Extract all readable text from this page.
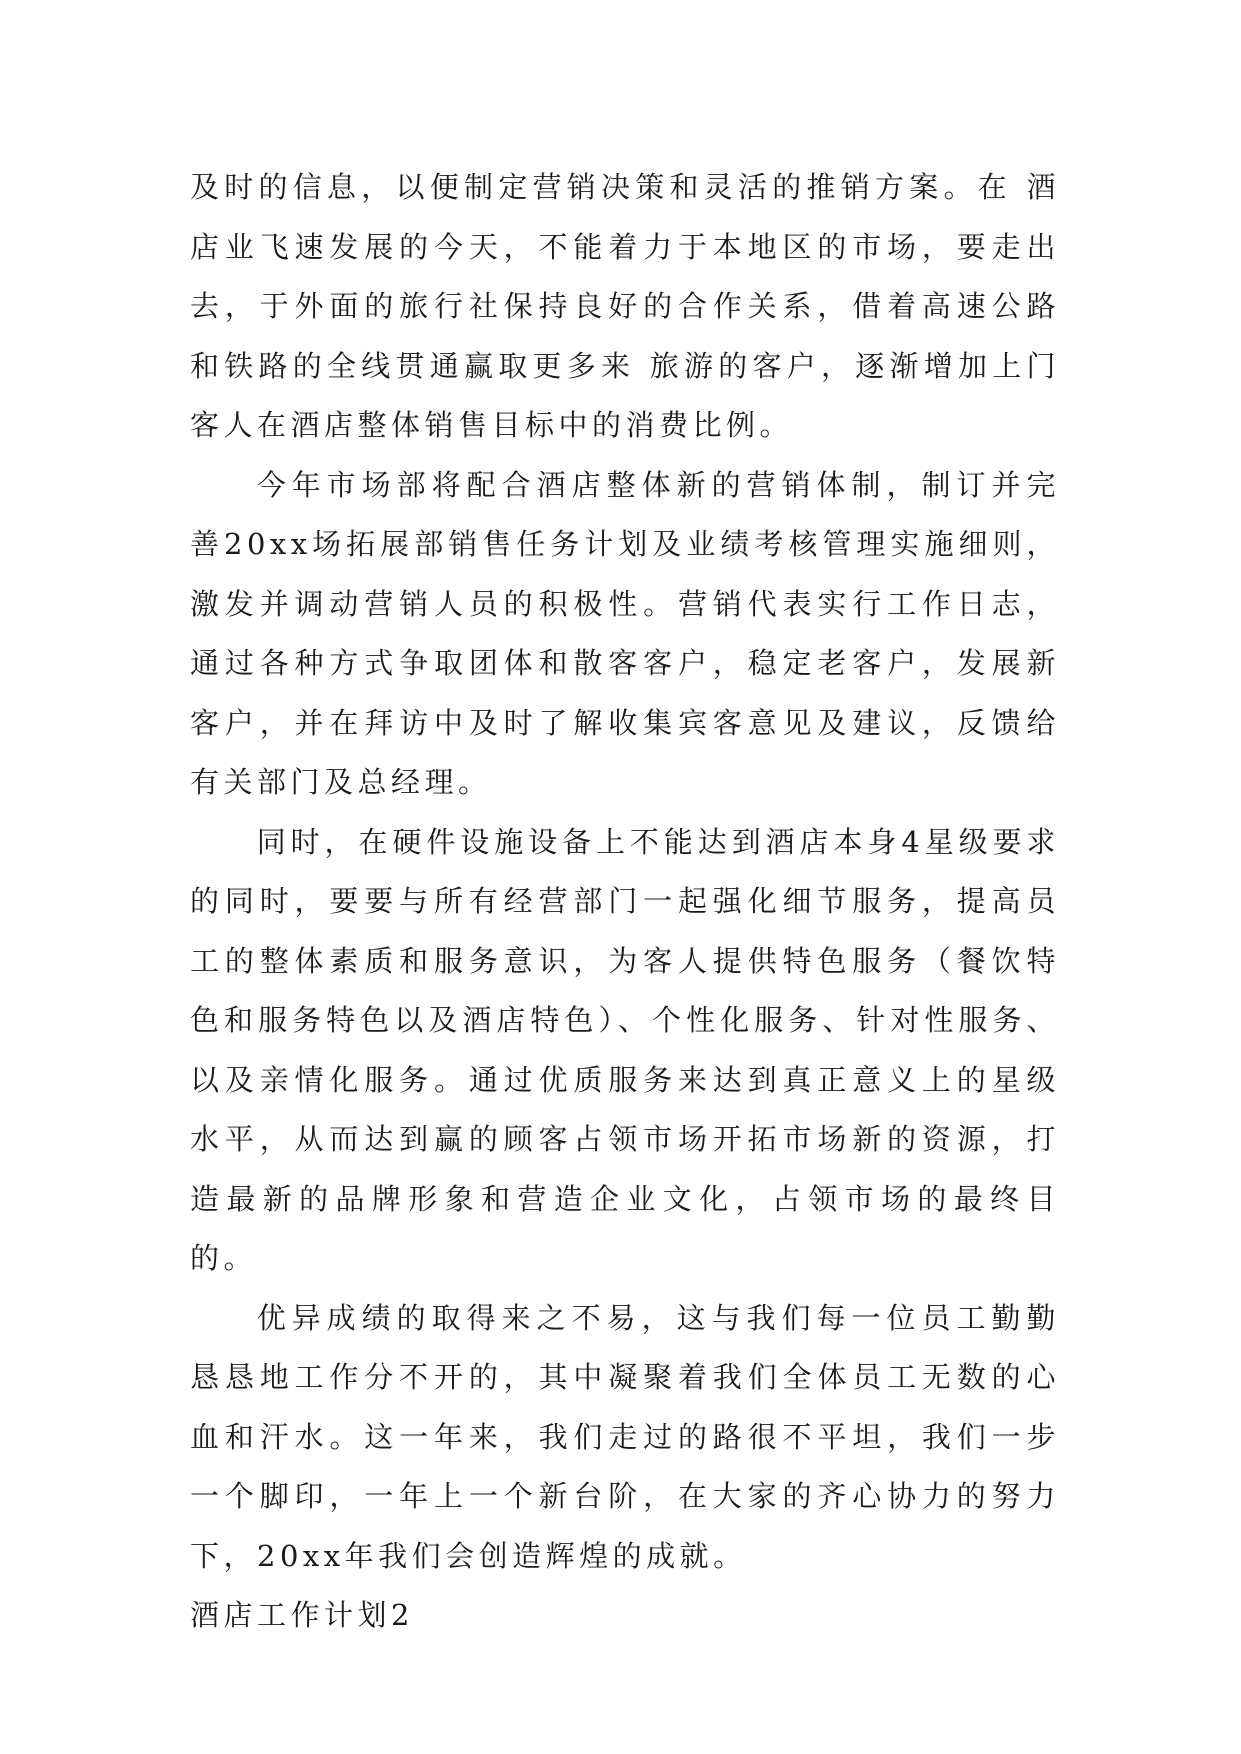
及时的信息，以便制定营销决策和灵活的推销方案。在 酒店业飞速发展的今天，不能着力于本地区的市场，要走出去，于外面的旅行社保持良好的合作关系，借着高速公路和铁路的全线贯通赢取更多来 旅游的客户，逐渐增加上门客人在酒店整体销售目标中的消费比例。

今年市场部将配合酒店整体新的营销体制，制订并完善20xx场拓展部销售任务计划及业绩考核管理实施细则，激发并调动营销人员的积极性。营销代表实行工作日志，通过各种方式争取团体和散客客户，稳定老客户，发展新客户，并在拜访中及时了解收集宾客意见及建议，反馈给有关部门及总经理。

同时，在硬件设施设备上不能达到酒店本身4星级要求的同时，要要与所有经营部门一起强化细节服务，提高员工的整体素质和服务意识，为客人提供特色服务（餐饮特色和服务特色以及酒店特色）、个性化服务、针对性服务、以及亲情化服务。通过优质服务来达到真正意义上的星级水平，从而达到赢的顾客占领市场开拓市场新的资源，打造最新的品牌形象和营造企业文化，占领市场的最终目的。

优异成绩的取得来之不易，这与我们每一位员工勤勤恳恳地工作分不开的，其中凝聚着我们全体员工无数的心血和汗水。这一年来，我们走过的路很不平坦，我们一步一个脚印，一年上一个新台阶，在大家的齐心协力的努力下，20xx年我们会创造辉煌的成就。

酒店工作计划2
